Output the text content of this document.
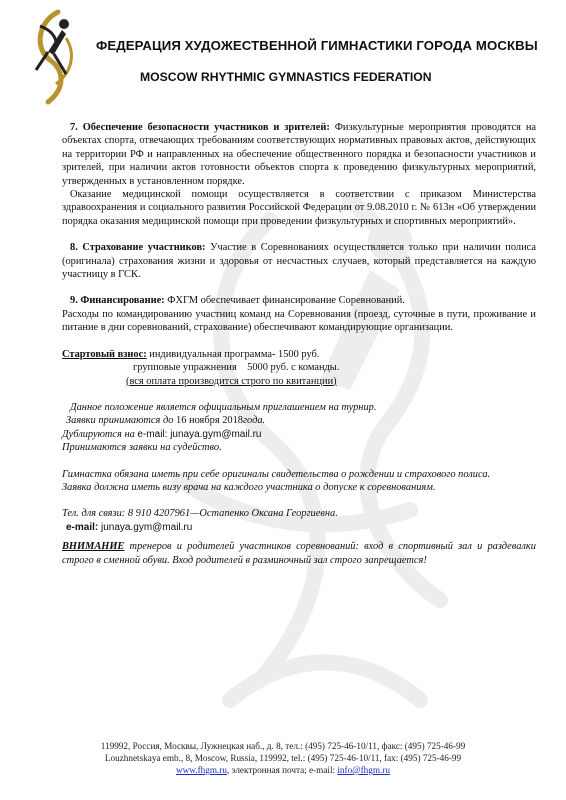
ФЕДЕРАЦИЯ ХУДОЖЕСТВЕННОЙ ГИМНАСТИКИ ГОРОДА МОСКВЫ
MOSCOW RHYTHMIC GYMNASTICS FEDERATION

7. Обеспечение безопасности участников и зрителей: Физкультурные мероприятия проводятся на объектах спорта, отвечающих требованиям соответствующих нормативных правовых актов, действующих на территории РФ и направленных на обеспечение общественного порядка и безопасности участников и зрителей, при наличии актов готовности объектов спорта к проведению физкультурных мероприятий, утвержденных в установленном порядке.

Оказание медицинской помощи осуществляется в соответствии с приказом Министерства здравоохранения и социального развития Российской Федерации от 9.08.2010 г. № 613н «Об утверждении порядка оказания медицинской помощи при проведении физкультурных и спортивных мероприятий».

8. Страхование участников: Участие в Соревнованиях осуществляется только при наличии полиса (оригинала) страхования жизни и здоровья от несчастных случаев, который представляется на каждую участницу в ГСК.

9. Финансирование: ФХГМ обеспечивает финансирование Соревнований.

Расходы по командированию участниц команд на Соревнования (проезд, суточные в пути, проживание и питание в дни соревнований, страхование) обеспечивают командирующие организации.

Стартовый взнос: индивидуальная программа- 1500 руб.
групповые упражнения    5000 руб. с команды.
(вся оплата производится строго по квитанции)
Данное положение является официальным приглашением на турнир.
Заявки принимаются до 16 ноября 2018года.
Дублируются на e-mail: junaya.gym@mail.ru
Принимаются заявки на судейство.
Гимнастка обязана иметь при себе оригиналы свидетельства о рождении и страхового полиса.
Заявка должна иметь визу врача на каждого участника о допуске к соревнованиям.
Тел. для связи: 8 910 4207961—Остапенко Оксана Георгиевна.
e-mail: junaya.gym@mail.ru

ВНИМАНИЕ тренеров и родителей участников соревнований: вход в спортивный зал и раздевалки строго в сменной обуви. Вход родителей в разминочный зал строго запрещается!

119992, Россия, Москвы, Лужнецкая наб., д. 8, тел.: (495) 725-46-10/11, факс: (495) 725-46-99
Louzhnetskaya emb., 8, Moscow, Russia, 119992, tel.: (495) 725-46-10/11, fax: (495) 725-46-99
www.fhgm.ru, электронная почта; e-mail: info@fhgm.ru
